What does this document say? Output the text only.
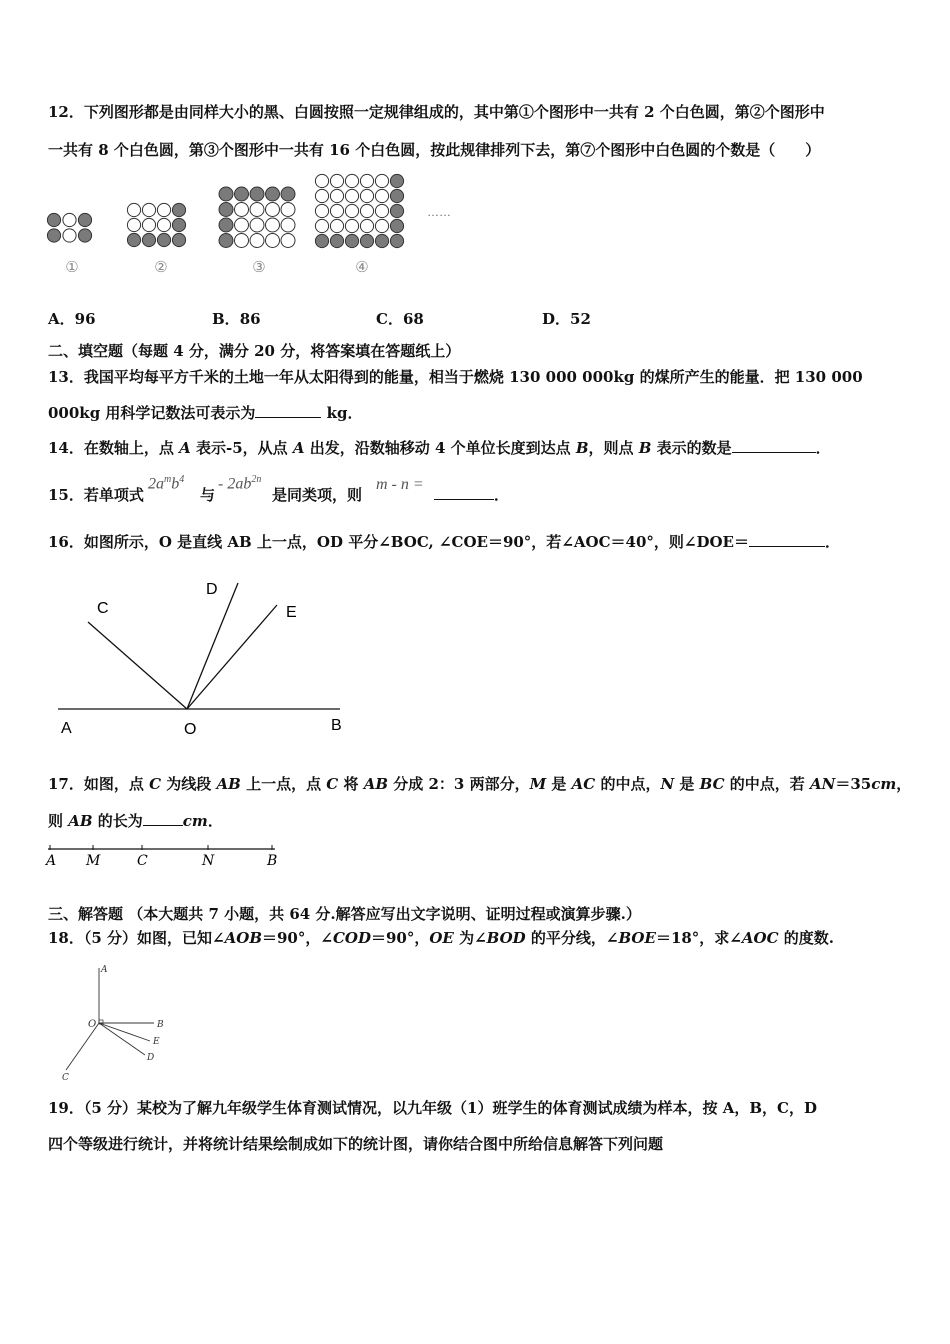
12．下列图形都是由同样大小的黑、白圆按照一定规律组成的，其中第①个图形中一共有 2 个白色圆，第②个图形中
一共有 8 个白色圆，第③个图形中一共有 16 个白色圆，按此规律排列下去，第⑦个图形中白色圆的个数是（　　）
①	②	③	④
……
A．96	B．86	C．68	D．52
二、填空题（每题 4 分，满分 20 分，将答案填在答题纸上）
13．我国平均每平方千米的土地一年从太阳得到的能量，相当于燃烧 130 000 000kg 的煤所产生的能量．把 130 000
000kg 用科学记数法可表示为	kg．
14．在数轴上，点 A 表示-5，从点 A 出发，沿数轴移动 4 个单位长度到达点 B，则点 B 表示的数是	．
15．若单项式
$2a^mb^4$
与
- $2ab^{2n}$
是同类项，则
m - n =
．
16．如图所示，O 是直线 AB 上一点，OD 平分∠BOC, ∠COE＝90°，若∠AOC＝40°，则∠DOE＝	．
A	O	B
C
D
E
17．如图，点 C 为线段 AB 上一点，点 C 将 AB 分成 2：3 两部分，M 是 AC 的中点，N 是 BC 的中点，若 AN＝35cm，
则 AB 的长为	cm．
A M	C	N	B
三、解答题 （本大题共 7 小题，共 64 分.解答应写出文字说明、证明过程或演算步骤.）
18．（5 分）如图，已知∠AOB＝90°，∠COD＝90°，OE 为∠BOD 的平分线，∠BOE＝18°，求∠AOC 的度数.
A
O	B
E
D
C
19．（5 分）某校为了解九年级学生体育测试情况，以九年级（1）班学生的体育测试成绩为样本，按 A，B，C，D
四个等级进行统计，并将统计结果绘制成如下的统计图，请你结合图中所给信息解答下列问题
